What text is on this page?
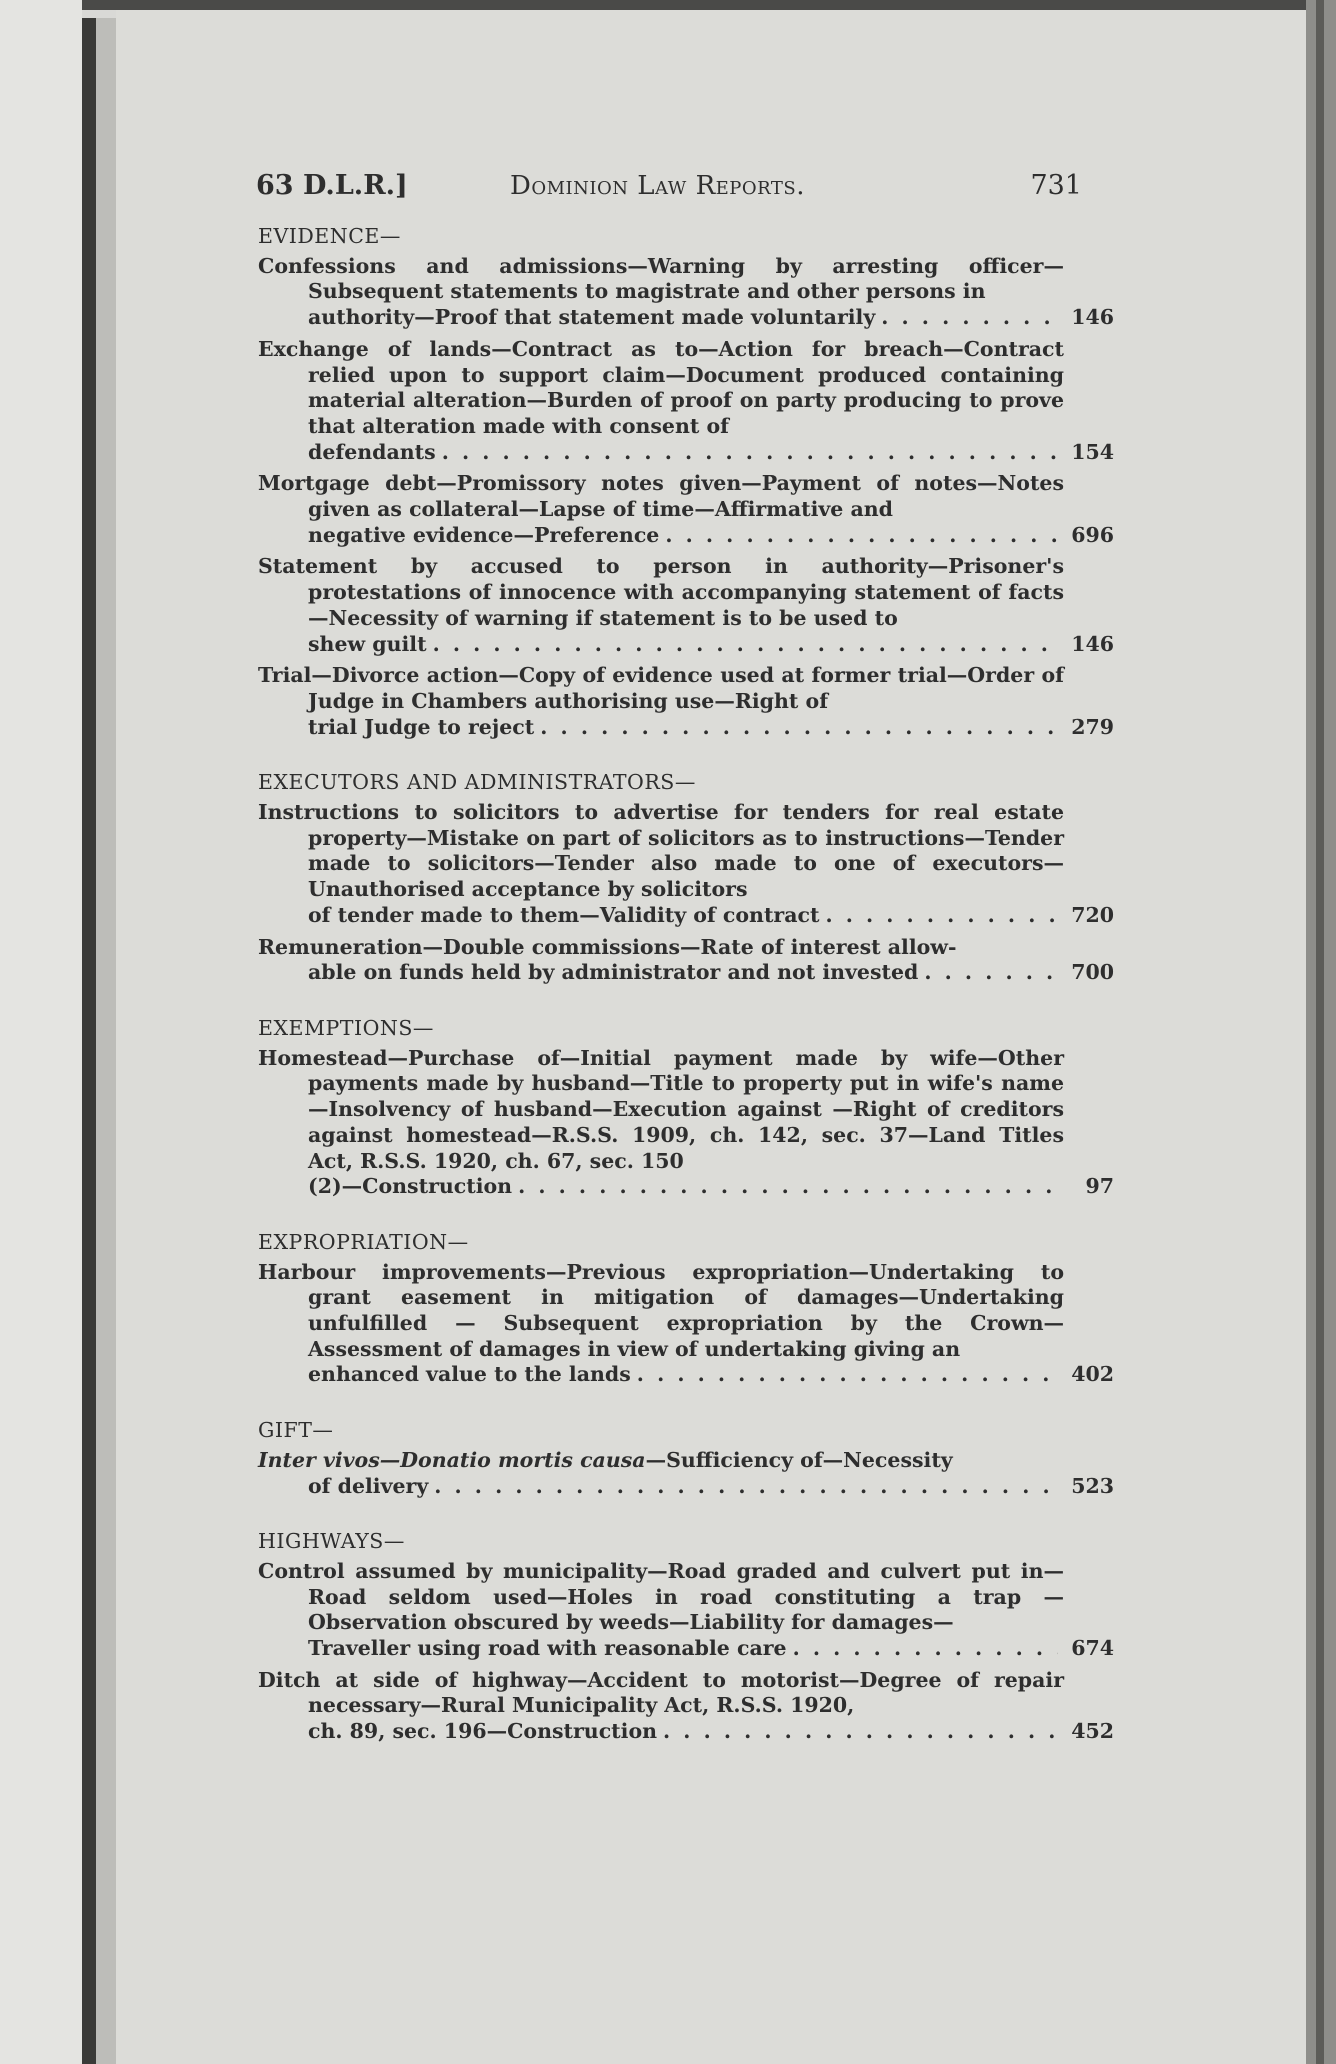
63 D.L.R.]	Dominion Law Reports.	731
EVIDENCE—
Confessions and admissions—Warning by arresting officer—Subsequent statements to magistrate and other persons in
authority—Proof that statement made voluntarily . . .	146
Exchange of lands—Contract as to—Action for breach—Contract relied upon to support claim—Document produced containing material alteration—Burden of proof on party producing to prove that alteration made with consent of
defendants . . .	154
Mortgage debt—Promissory notes given—Payment of notes—Notes given as collateral—Lapse of time—Affirmative and
negative evidence—Preference . . .	696
Statement by accused to person in authority—Prisoner's protestations of innocence with accompanying statement of facts—Necessity of warning if statement is to be used to
shew guilt . . .	146
Trial—Divorce action—Copy of evidence used at former trial—Order of Judge in Chambers authorising use—Right of
trial Judge to reject . . .	279
EXECUTORS AND ADMINISTRATORS—
Instructions to solicitors to advertise for tenders for real estate property—Mistake on part of solicitors as to instructions—Tender made to solicitors—Tender also made to one of executors—Unauthorised acceptance by solicitors
of tender made to them—Validity of contract . . .	720
Remuneration—Double commissions—Rate of interest allow-
able on funds held by administrator and not invested . . .	700
EXEMPTIONS—
Homestead—Purchase of—Initial payment made by wife—Other payments made by husband—Title to property put in wife's name—Insolvency of husband—Execution against —Right of creditors against homestead—R.S.S. 1909, ch. 142, sec. 37—Land Titles Act, R.S.S. 1920, ch. 67, sec. 150
(2)—Construction . . .	97
EXPROPRIATION—
Harbour improvements—Previous expropriation—Undertaking to grant easement in mitigation of damages—Undertaking unfulfilled — Subsequent expropriation by the Crown—Assessment of damages in view of undertaking giving an
enhanced value to the lands . . .	402
GIFT—
Inter vivos—Donatio mortis causa—Sufficiency of—Necessity
of delivery . . .	523
HIGHWAYS—
Control assumed by municipality—Road graded and culvert put in—Road seldom used—Holes in road constituting a trap —Observation obscured by weeds—Liability for damages—
Traveller using road with reasonable care . . .	674
Ditch at side of highway—Accident to motorist—Degree of repair necessary—Rural Municipality Act, R.S.S. 1920,
ch. 89, sec. 196—Construction . . .	452
